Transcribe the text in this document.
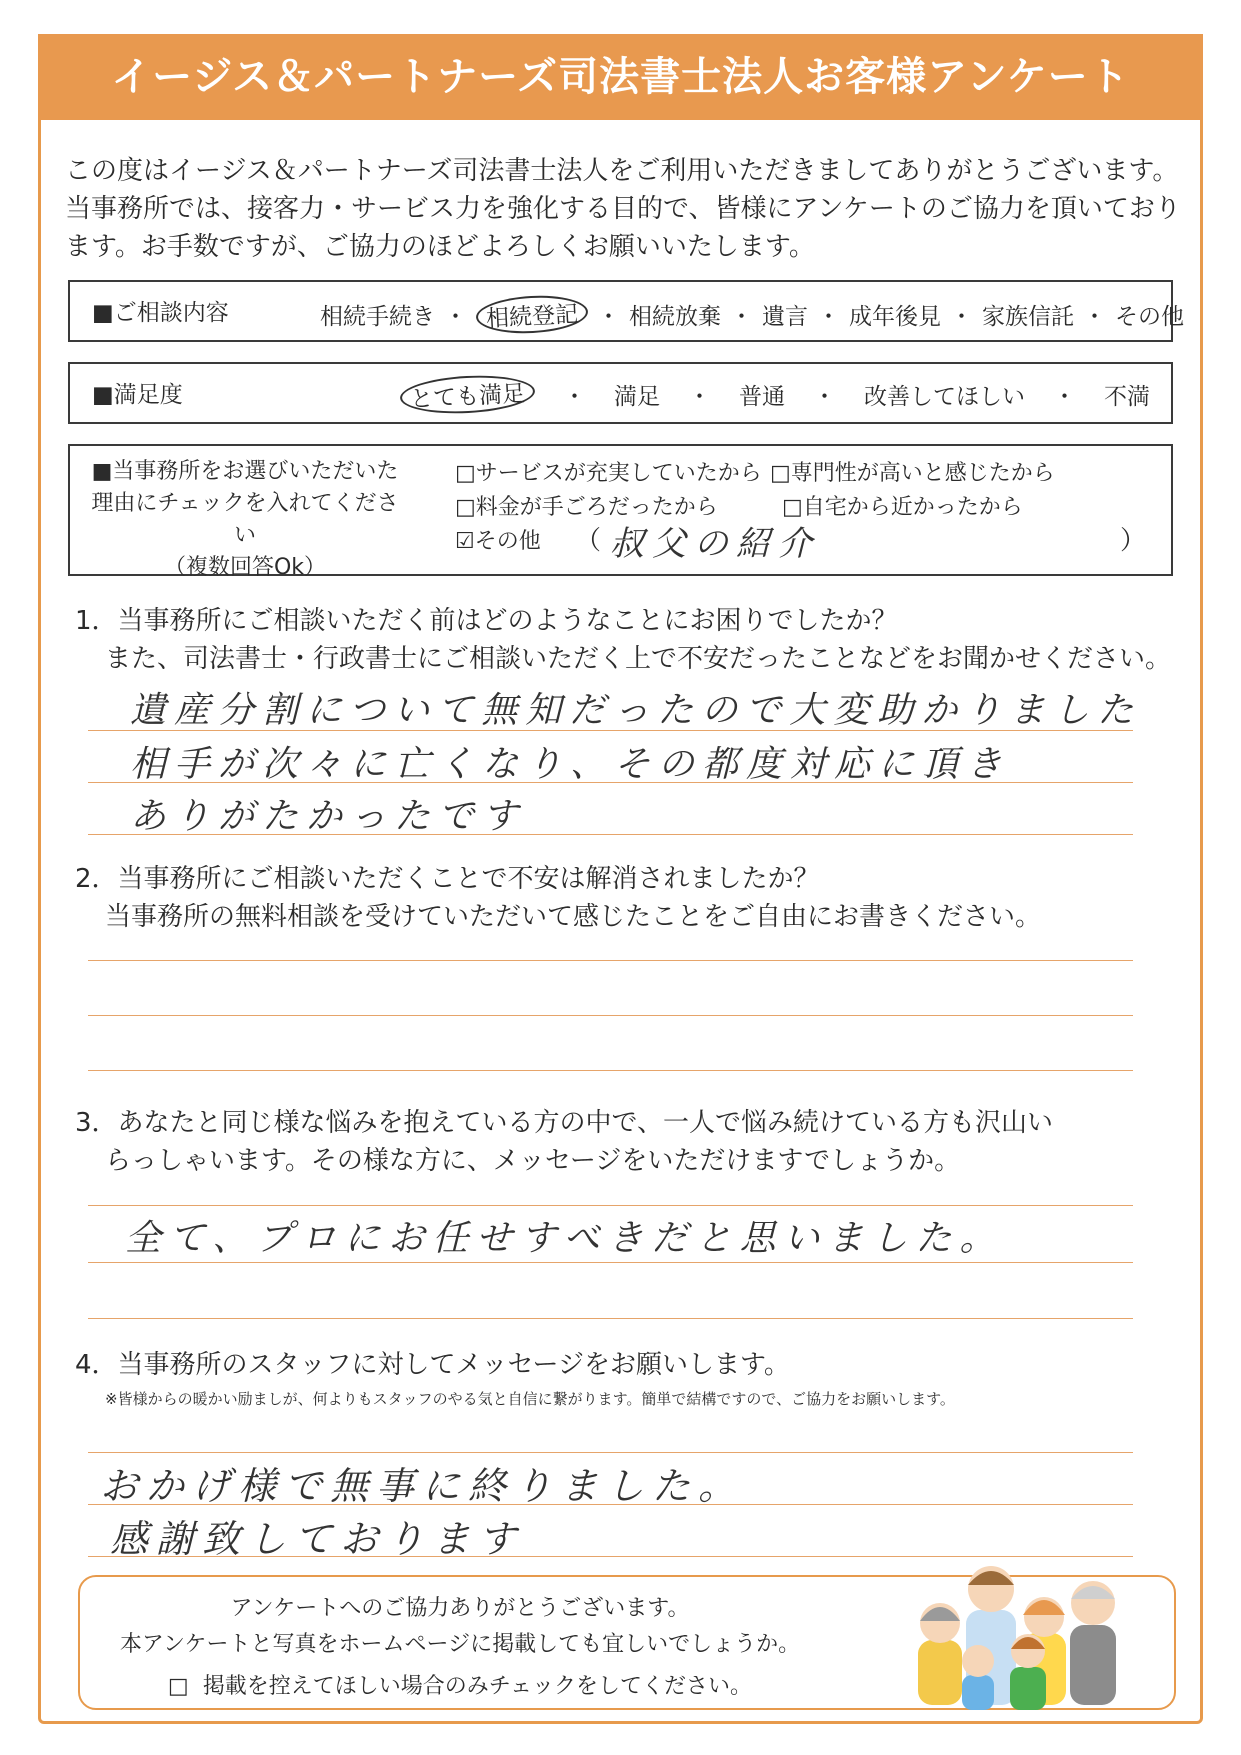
イージス＆パートナーズ司法書士法人お客様アンケート
この度はイージス＆パートナーズ司法書士法人をご利用いただきましてありがとうございます。
当事務所では、接客力・サービス力を強化する目的で、皆様にアンケートのご協力を頂いており
ます。お手数ですが、ご協力のほどよろしくお願いいたします。
■ご相談内容	相続手続き ・ 相続登記 ・ 相続放棄 ・ 遺言 ・ 成年後見 ・ 家族信託 ・ その他
■満足度	とても満足 ・ 満足 ・ 普通 ・ 改善してほしい ・ 不満
■当事務所をお選びいただいた
理由にチェックを入れてください
（複数回答Ok）
□サービスが充実していたから □専門性が高いと感じたから
□料金が手ごろだったから	□自宅から近かったから
☑その他 （ 叔父の紹介	）
1．当事務所にご相談いただく前はどのようなことにお困りでしたか？
また、司法書士・行政書士にご相談いただく上で不安だったことなどをお聞かせください。
遺産分割について無知だったので大変助かりました
相手が次々に亡くなり、その都度対応に頂き
ありがたかったです
2．当事務所にご相談いただくことで不安は解消されましたか？
当事務所の無料相談を受けていただいて感じたことをご自由にお書きください。
3．あなたと同じ様な悩みを抱えている方の中で、一人で悩み続けている方も沢山い
らっしゃいます。その様な方に、メッセージをいただけますでしょうか。
全て、プロにお任せすべきだと思いました。
4．当事務所のスタッフに対してメッセージをお願いします。
※皆様からの暖かい励ましが、何よりもスタッフのやる気と自信に繋がります。簡単で結構ですので、ご協力をお願いします。
おかげ様で無事に終りました。
感謝致しております
アンケートへのご協力ありがとうございます。
本アンケートと写真をホームページに掲載しても宜しいでしょうか。
□ 掲載を控えてほしい場合のみチェックをしてください。
